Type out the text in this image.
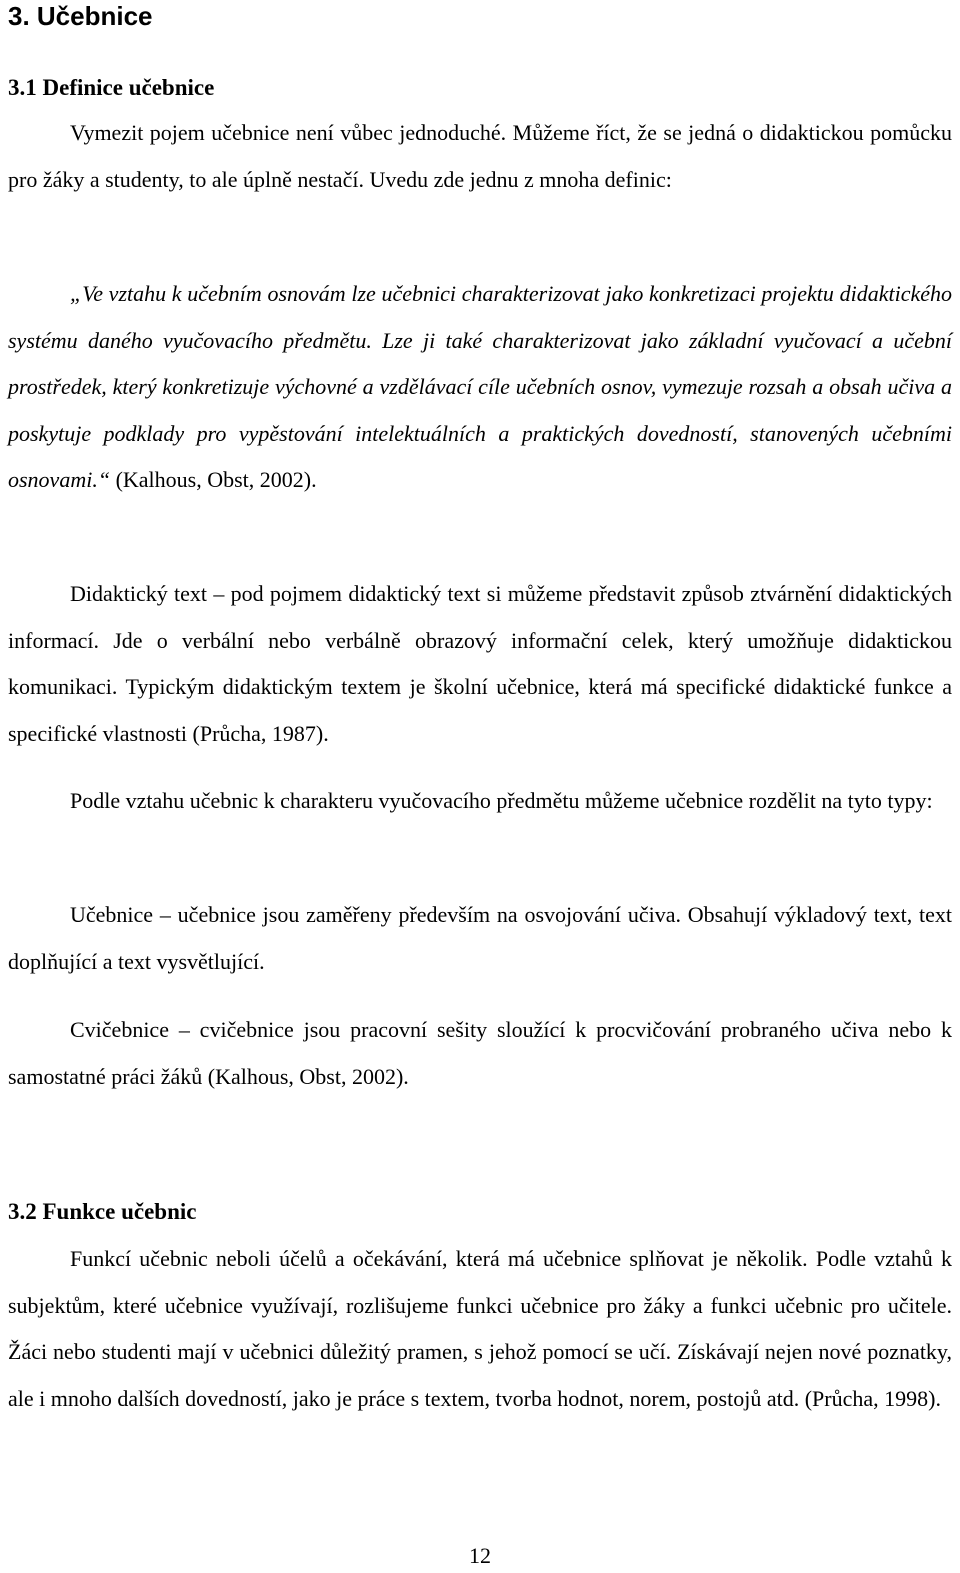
3. Učebnice
3.1 Definice učebnice

Vymezit pojem učebnice není vůbec jednoduché. Můžeme říct, že se jedná o didaktickou pomůcku pro žáky a studenty, to ale úplně nestačí. Uvedu zde jednu z mnoha definic:

„Ve vztahu k učebním osnovám lze učebnici charakterizovat jako konkretizaci projektu didaktického systému daného vyučovacího předmětu. Lze ji také charakterizovat jako základní vyučovací a učební prostředek, který konkretizuje výchovné a vzdělávací cíle učebních osnov, vymezuje rozsah a obsah učiva a poskytuje podklady pro vypěstování intelektuálních a praktických dovedností, stanovených učebními osnovami.“ (Kalhous, Obst, 2002).

Didaktický text – pod pojmem didaktický text si můžeme představit způsob ztvárnění didaktických informací. Jde o verbální nebo verbálně obrazový informační celek, který umožňuje didaktickou komunikaci. Typickým didaktickým textem je školní učebnice, která má specifické didaktické funkce a specifické vlastnosti (Průcha, 1987).

Podle vztahu učebnic k charakteru vyučovacího předmětu můžeme učebnice rozdělit na tyto typy:

Učebnice – učebnice jsou zaměřeny především na osvojování učiva. Obsahují výkladový text, text doplňující a text vysvětlující.

Cvičebnice – cvičebnice jsou pracovní sešity sloužící k procvičování probraného učiva nebo k samostatné práci žáků (Kalhous, Obst, 2002).

3.2 Funkce učebnic

Funkcí učebnic neboli účelů a očekávání, která má učebnice splňovat je několik. Podle vztahů k subjektům, které učebnice využívají, rozlišujeme funkci učebnice pro žáky a funkci učebnic pro učitele. Žáci nebo studenti mají v učebnici důležitý pramen, s jehož pomocí se učí. Získávají nejen nové poznatky, ale i mnoho dalších dovedností, jako je práce s textem, tvorba hodnot, norem, postojů atd. (Průcha, 1998).

12
